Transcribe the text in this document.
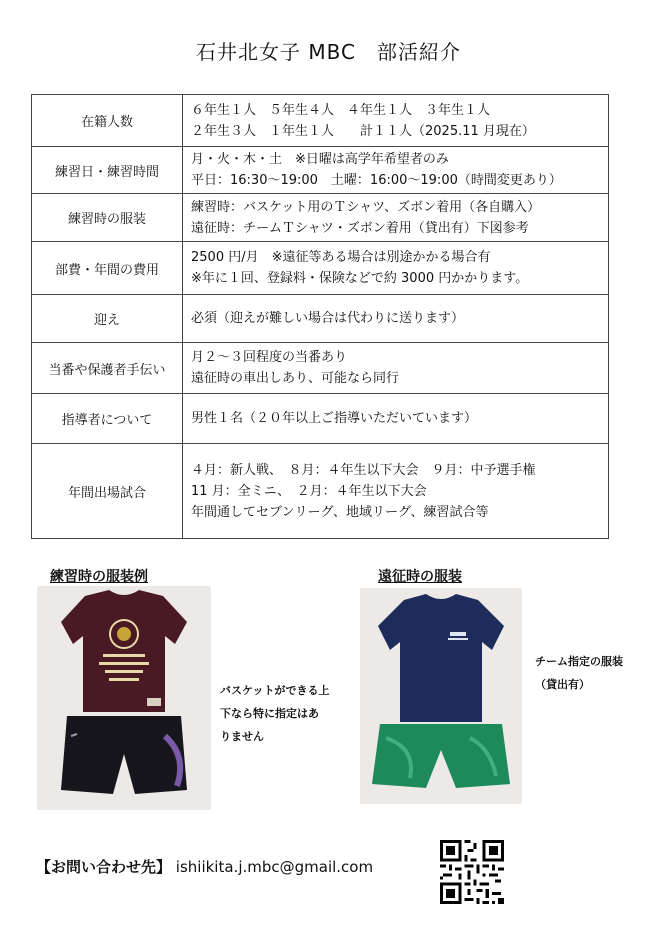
石井北女子 MBC　部活紹介
在籍人数	６年生１人　５年生４人　４年生１人　３年生１人
２年生３人　１年生１人　　計１１人（2025.11 月現在）

練習日・練習時間	月・火・木・土　※日曜は高学年希望者のみ
平日：16:30〜19:00　土曜：16:00〜19:00（時間変更あり）

練習時の服装	練習時：バスケット用のＴシャツ、ズボン着用（各自購入）
遠征時：チームＴシャツ・ズボン着用（貸出有）下図参考

部費・年間の費用	2500 円/月　※遠征等ある場合は別途かかる場合有
※年に１回、登録料・保険などで約 3000 円かかります。

迎え	必須（迎えが難しい場合は代わりに送ります）

当番や保護者手伝い	月２〜３回程度の当番あり
遠征時の車出しあり、可能なら同行

指導者について	男性１名（２０年以上ご指導いただいています）

年間出場試合	４月：新人戦、　８月：４年生以下大会　９月：中予選手権
11 月：全ミニ、　２月：４年生以下大会
年間通してセブンリーグ、地域リーグ、練習試合等
練習時の服装例
バスケットができる上
下なら特に指定はあ
りません
遠征時の服装
チーム指定の服装
（貸出有）
【お問い合わせ先】 ishiikita.j.mbc@gmail.com
